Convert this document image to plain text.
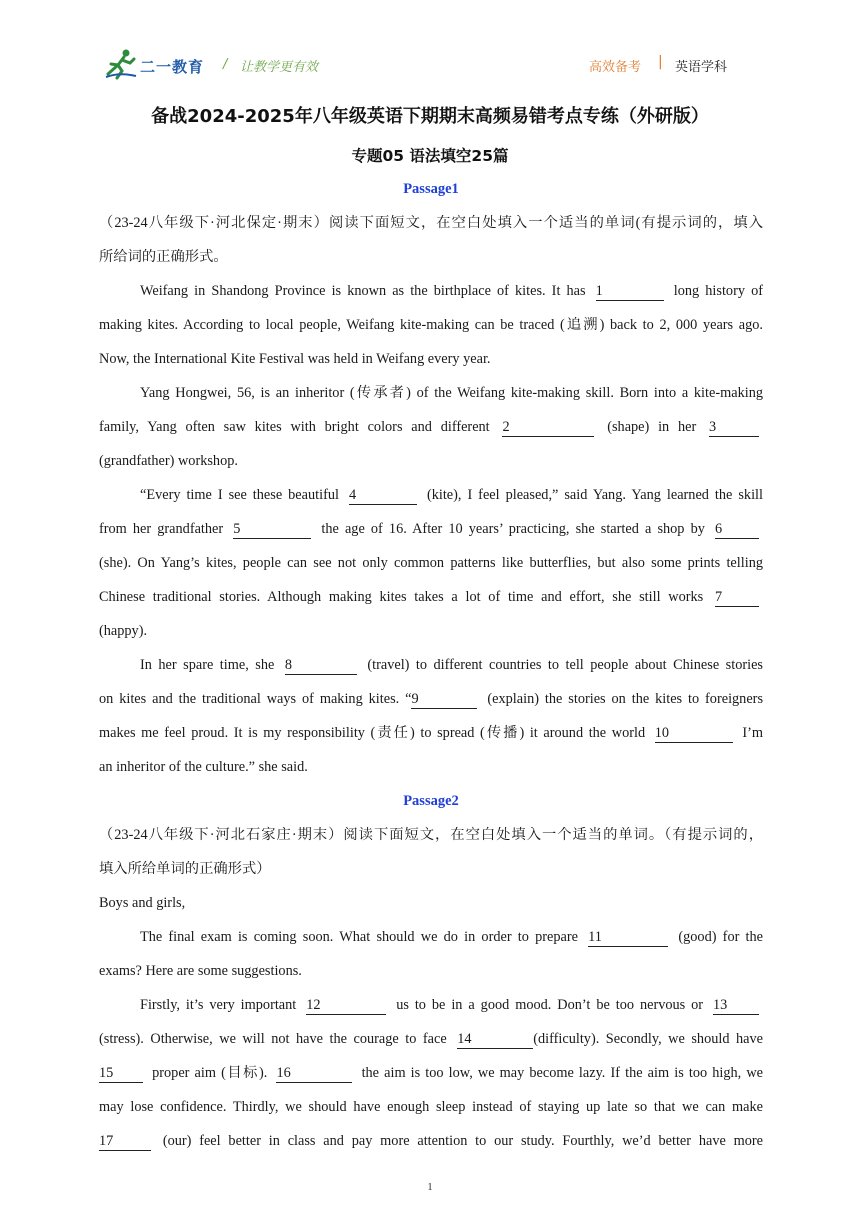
二一教育 / 让教学更有效	高效备考 | 英语学科
备战2024-2025年八年级英语下期期末高频易错考点专练（外研版）
专题05 语法填空25篇
Passage1
（23-24八年级下·河北保定·期末）阅读下面短文，在空白处填入一个适当的单词(有提示词的，填入
所给词的正确形式。
Weifang in Shandong Province is known as the birthplace of kites. It has 1	long history of
making kites. According to local people, Weifang kite-making can be traced (追溯) back to 2, 000 years ago.
Now, the International Kite Festival was held in Weifang every year.
Yang Hongwei, 56, is an inheritor (传承者) of the Weifang kite-making skill. Born into a kite-making
family, Yang often saw kites with bright colors and different 2	(shape) in her 3
(grandfather) workshop.
“Every time I see these beautiful 4	(kite), I feel pleased,” said Yang. Yang learned the skill
from her grandfather 5	the age of 16. After 10 years’ practicing, she started a shop by 6
(she). On Yang’s kites, people can see not only common patterns like butterflies, but also some prints telling
Chinese traditional stories. Although making kites takes a lot of time and effort, she still works 7
(happy).
In her spare time, she 8	(travel) to different countries to tell people about Chinese stories
on kites and the traditional ways of making kites. “9	(explain) the stories on the kites to foreigners
makes me feel proud. It is my responsibility (责任) to spread (传播) it around the world 10	I’m
an inheritor of the culture.” she said.
Passage2
（23-24八年级下·河北石家庄·期末）阅读下面短文，在空白处填入一个适当的单词。（有提示词的，
填入所给单词的正确形式）
Boys and girls,
The final exam is coming soon. What should we do in order to prepare 11	(good) for the
exams? Here are some suggestions.
Firstly, it’s very important 12	us to be in a good mood. Don’t be too nervous or 13
(stress). Otherwise, we will not have the courage to face 14	(difficulty). Secondly, we should have
15	proper aim (目标). 16	the aim is too low, we may become lazy. If the aim is too high, we
may lose confidence. Thirdly, we should have enough sleep instead of staying up late so that we can make
17	(our) feel better in class and pay more attention to our study. Fourthly, we’d better have more
1
